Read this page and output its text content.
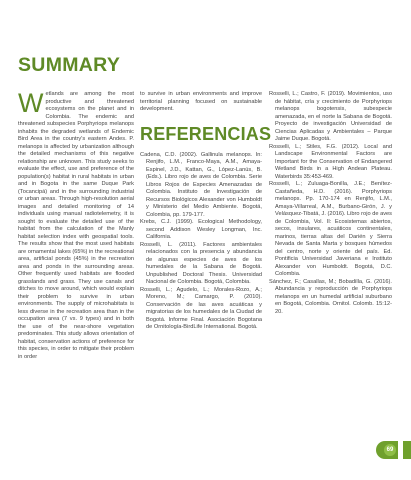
SUMMARY

Wetlands are among the most productive and threatened ecosystems on the planet and in Colombia. The endemic and threatened subspecies Porphyriops melanops inhabits the degraded wetlands of Endemic Bird Area in the country's eastern Andes. P. melanops is affected by urbanization although the detailed mechanisms of this negative relationship are unknown. This study seeks to evaluate the effect, use and preference of the population(s) habitat in rural habitats in urban and in Bogota in the same Duque Park (Tocancipá) and in the surrounding industrial or urban areas. Through high-resolution aerial images and detailed monitoring of 14 individuals using manual radiotelemetry, it is sought to evaluate the detailed use of the habitat from the calculation of the Manly habitat selection index with geospatial tools. The results show that the most used habitats are ornamental lakes (65%) in the recreational area, artificial ponds (45%) in the recreation area and ponds in the surrounding areas. Other frequently used habitats are flooded grasslands and grass. They use canals and ditches to move around, which would explain their problem to survive in urban environments. The supply of microhabitats is less diverse in the recreation area than in the occupation area (7 vs. 9 types) and in both the use of the near-shore vegetation predominates. This study allows orientation of habitat, conservation actions of preference for this species, in order to mitigate their problem in order

to survive in urban environments and improve territorial planning focused on sustainable development.

REFERENCIAS

Cadena, C.D. (2002). Gallinula melanops. In: Renjifo, L.M., Franco-Maya, A.M., Amaya-Espinel, J.D., Kattan, G., López-Lanús, B. (Eds.). Libro rojo de aves de Colombia. Serie Libros Rojos de Especies Amenazadas de Colombia. Instituto de Investigación de Recursos Biológicos Alexander von Humboldt y Ministerio del Medio Ambiente. Bogotá, Colombia, pp. 179-177.

Krebs, C.J. (1999). Ecological Methodology, second Addison Wesley Longman, Inc. California.

Rosselli, L. (2011). Factores ambientales relacionados con la presencia y abundancia de algunas especies de aves de los humedales de la Sabana de Bogotá. Unpublished Doctoral Thesis. Universidad Nacional de Colombia. Bogotá, Colombia.

Rosselli, L.; Agudelo, L.; Morales-Rozo, A.; Moreno, M.; Camargo, P. (2010). Conservación de las aves acuáticas y migratorias de los humedales de la Ciudad de Bogotá. Informe Final. Asociación Bogotana de Ornitología-BirdLife International. Bogotá.

Rosselli, L.; Castro, F. (2019). Movimientos, uso de hábitat, cría y crecimiento de Porphyriops melanops bogotensis, subespecie amenazada, en el norte la Sabana de Bogotá. Proyecto de investigación Universidad de Ciencias Aplicadas y Ambientales – Parque Jaime Duque. Bogotá.

Rosselli, L.; Stiles, F.G. (2012). Local and Landscape Environmental Factors are Important for the Conservation of Endangered Wetland Birds in a High Andean Plateau. Waterbirds 35:453-469.

Rosselli, L.; Zuluaga-Bonilla, J.E.; Benítez-Castañeda, H.D. (2016). Porphyriops melanops. Pp. 170-174 en Renjifo, L.M., Amaya-Villarreal, A.M., Burbano-Girón, J. y Velásquez-Tibatá, J. (2016). Libro rojo de aves de Colombia, Vol. II: Ecosistemas abiertos, secos, insulares, acuáticos continentales, marinos, tierras altas del Darién y Sierra Nevada de Santa Marta y bosques húmedos del centro, norte y oriente del país. Ed. Pontificia Universidad Javeriana e Instituto Alexander von Humboldt. Bogotá, D.C. Colombia.

Sánchez, F.; Casallas, M.; Bobadilla, G. (2016). Abundancia y reproducción de Porphyriops melanops en un humedal artificial suburbano en Bogotá, Colombia. Ornitol. Colomb. 15:12-20.

69
